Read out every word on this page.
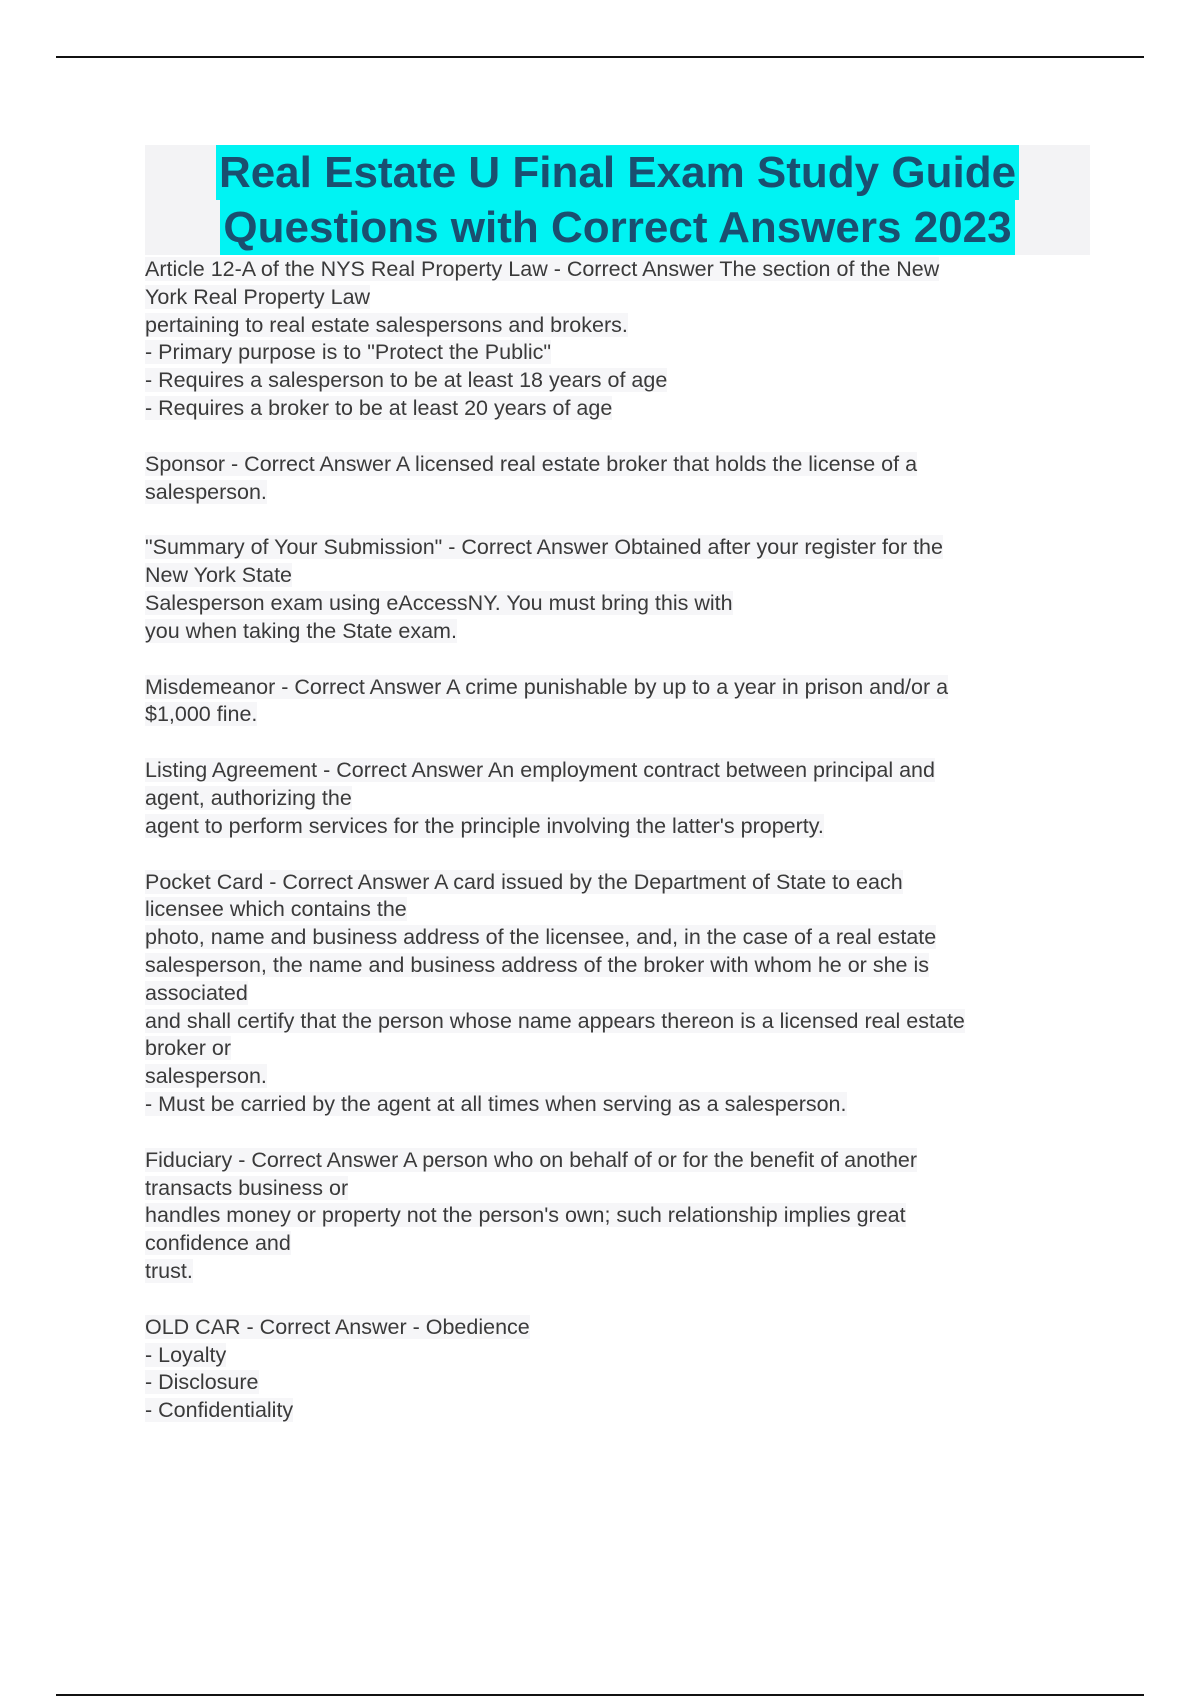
Real Estate U Final Exam Study Guide
Questions with Correct Answers 2023
Article 12-A of the NYS Real Property Law - Correct Answer The section of the New
York Real Property Law
pertaining to real estate salespersons and brokers.
- Primary purpose is to "Protect the Public"
- Requires a salesperson to be at least 18 years of age
- Requires a broker to be at least 20 years of age
Sponsor - Correct Answer A licensed real estate broker that holds the license of a
salesperson.
"Summary of Your Submission" - Correct Answer Obtained after your register for the
New York State
Salesperson exam using eAccessNY. You must bring this with
you when taking the State exam.
Misdemeanor - Correct Answer A crime punishable by up to a year in prison and/or a
$1,000 fine.
Listing Agreement - Correct Answer An employment contract between principal and
agent, authorizing the
agent to perform services for the principle involving the latter's property.
Pocket Card - Correct Answer A card issued by the Department of State to each
licensee which contains the
photo, name and business address of the licensee, and, in the case of a real estate
salesperson, the name and business address of the broker with whom he or she is
associated
and shall certify that the person whose name appears thereon is a licensed real estate
broker or
salesperson.
- Must be carried by the agent at all times when serving as a salesperson.
Fiduciary - Correct Answer A person who on behalf of or for the benefit of another
transacts business or
handles money or property not the person's own; such relationship implies great
confidence and
trust.
OLD CAR - Correct Answer - Obedience
- Loyalty
- Disclosure
- Confidentiality
